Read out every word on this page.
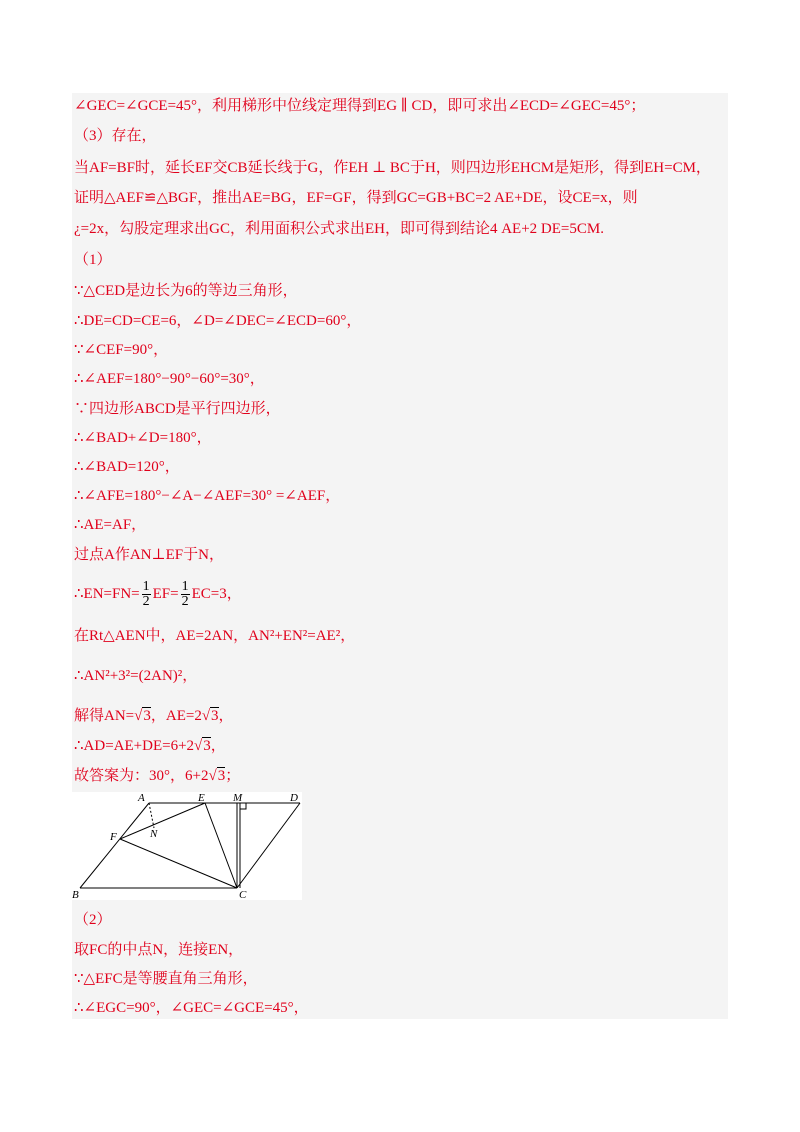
∠GEC=∠GCE=45°，利用梯形中位线定理得到EG ∥ CD，即可求出∠ECD=∠GEC=45°；
（3）存在，
当AF=BF时，延长EF交CB延长线于G，作EH ⊥ BC于H，则四边形EHCM是矩形，得到EH=CM，
证明△AEF≌△BGF，推出AE=BG，EF=GF，得到GC=GB+BC=2 AE+DE，设CE=x，则
¿=2x，勾股定理求出GC，利用面积公式求出EH，即可得到结论4 AE+2 DE=5CM.
（1）
∵△CED是边长为6的等边三角形，
∴DE=CD=CE=6，∠D=∠DEC=∠ECD=60°，
∵∠CEF=90°，
∴∠AEF=180°−90°−60°=30°，
∵四边形ABCD是平行四边形，
∴∠BAD+∠D=180°，
∴∠BAD=120°，
∴∠AFE=180°−∠A−∠AEF=30° =∠AEF，
∴AE=AF，
过点A作AN⊥EF于N，
∴EN=FN= $\frac{1}{2} EF= \frac{1}{2} EC=3$，
在Rt△AEN中，AE=2AN，AN²+EN²=AE²，
∴AN²+3²=(2AN)²，
解得AN=√3，AE=2√3，
∴AD=AE+DE=6+2√3，
故答案为：30°，6+2√3；
A	E	M	D
F	N
B	C
（2）
取FC的中点N，连接EN，
∵△EFC是等腰直角三角形，
∴∠EGC=90°，∠GEC=∠GCE=45°，
